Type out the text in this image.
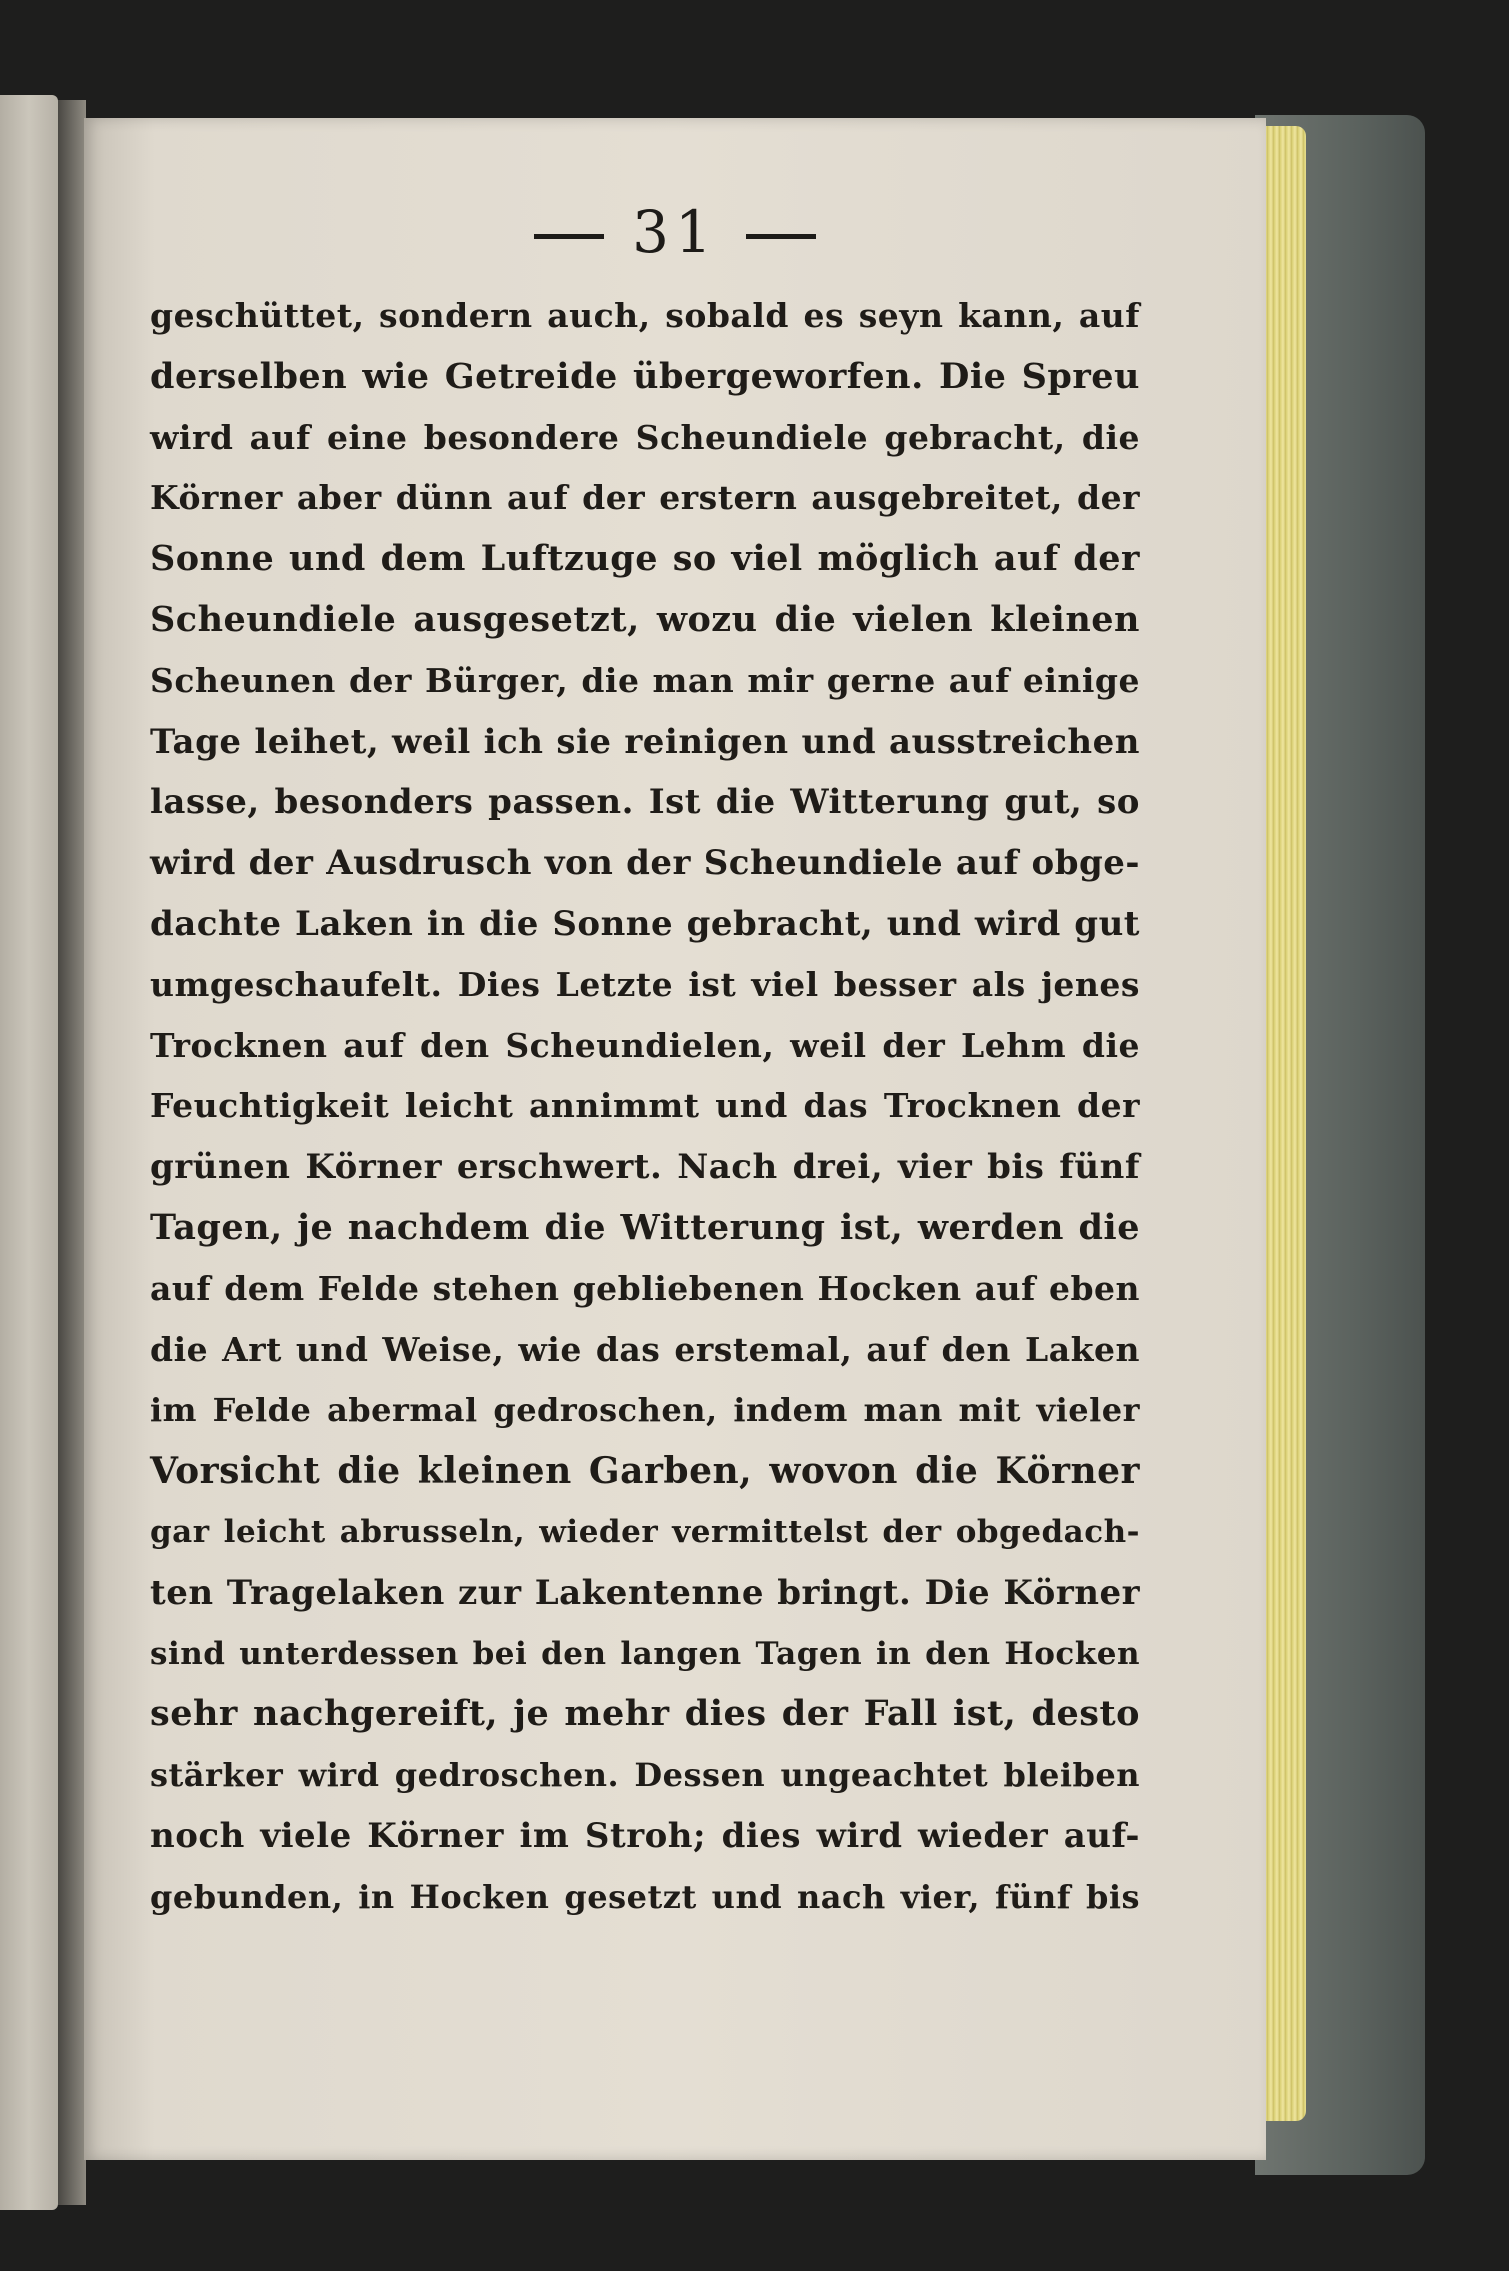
31
geschüttet, sondern auch, sobald es seyn kann, auf
derselben wie Getreide übergeworfen. Die Spreu
wird auf eine besondere Scheundiele gebracht, die
Körner aber dünn auf der erstern ausgebreitet, der
Sonne und dem Luftzuge so viel möglich auf der
Scheundiele ausgesetzt, wozu die vielen kleinen
Scheunen der Bürger, die man mir gerne auf einige
Tage leihet, weil ich sie reinigen und ausstreichen
lasse, besonders passen. Ist die Witterung gut, so
wird der Ausdrusch von der Scheundiele auf obge-
dachte Laken in die Sonne gebracht, und wird gut
umgeschaufelt. Dies Letzte ist viel besser als jenes
Trocknen auf den Scheundielen, weil der Lehm die
Feuchtigkeit leicht annimmt und das Trocknen der
grünen Körner erschwert. Nach drei, vier bis fünf
Tagen, je nachdem die Witterung ist, werden die
auf dem Felde stehen gebliebenen Hocken auf eben
die Art und Weise, wie das erstemal, auf den Laken
im Felde abermal gedroschen, indem man mit vieler
Vorsicht die kleinen Garben, wovon die Körner
gar leicht abrusseln, wieder vermittelst der obgedach-
ten Tragelaken zur Lakentenne bringt. Die Körner
sind unterdessen bei den langen Tagen in den Hocken
sehr nachgereift, je mehr dies der Fall ist, desto
stärker wird gedroschen. Dessen ungeachtet bleiben
noch viele Körner im Stroh; dies wird wieder auf-
gebunden, in Hocken gesetzt und nach vier, fünf bis
